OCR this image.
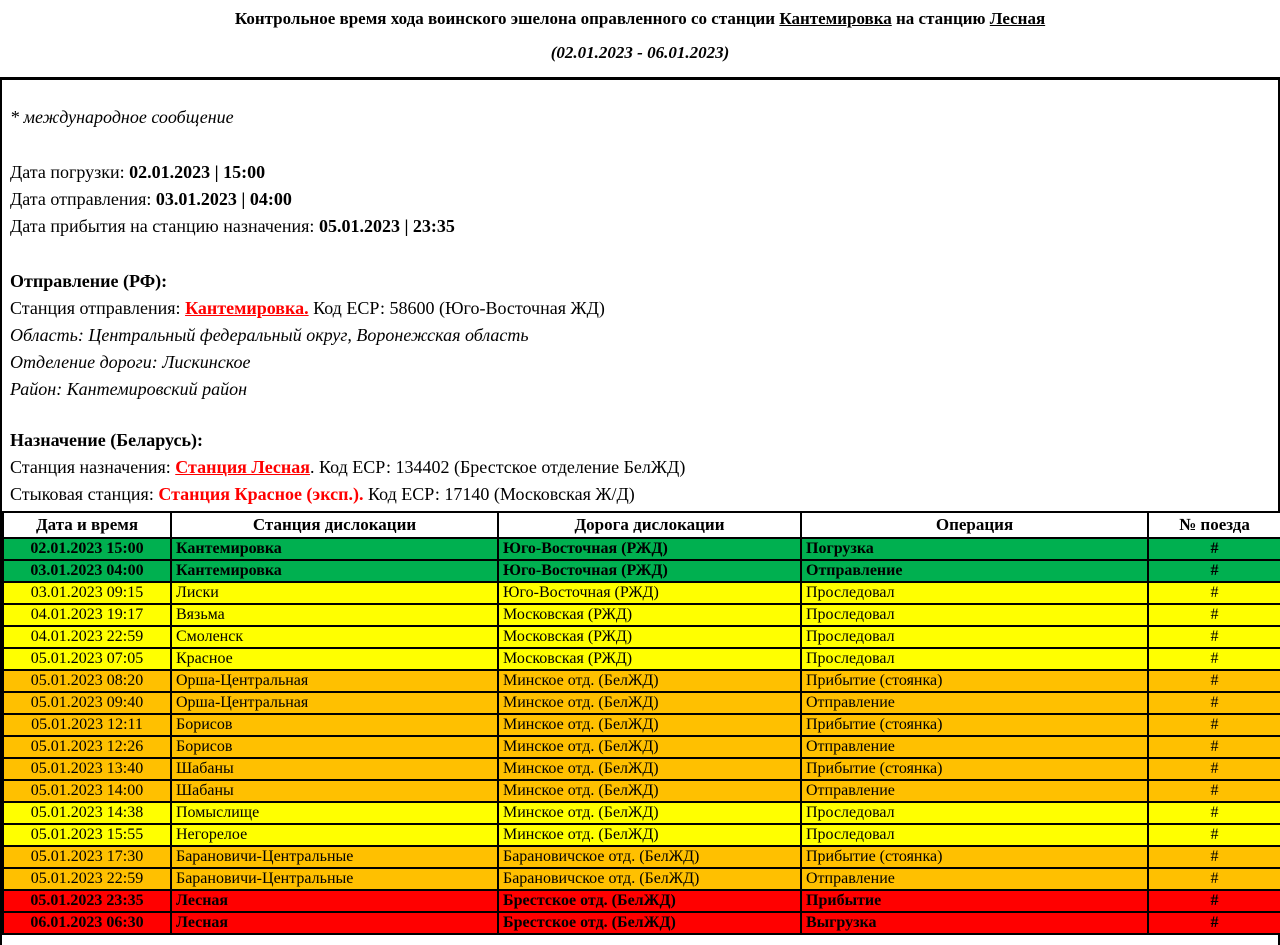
Контрольное время хода воинского эшелона оправленного со станции Кантемировка на станцию Лесная
(02.01.2023 - 06.01.2023)
* международное сообщение
Дата погрузки: 02.01.2023 | 15:00
Дата отправления: 03.01.2023 | 04:00
Дата прибытия на станцию назначения: 05.01.2023 | 23:35
Отправление (РФ):
Станция отправления: Кантемировка. Код ЕСР: 58600 (Юго-Восточная ЖД)
Область: Центральный федеральный округ, Воронежская область
Отделение дороги: Лискинское
Район: Кантемировский район
Назначение (Беларусь):
Станция назначения: Станция Лесная. Код ЕСР: 134402 (Брестское отделение БелЖД)
Стыковая станция: Станция Красное (эксп.). Код ЕСР: 17140 (Московская Ж/Д)
Дата и время	Станция дислокации	Дорога дислокации	Операция	№ поезда
02.01.2023 15:00	Кантемировка	Юго-Восточная (РЖД)	Погрузка	#
03.01.2023 04:00	Кантемировка	Юго-Восточная (РЖД)	Отправление	#
03.01.2023 09:15	Лиски	Юго-Восточная (РЖД)	Проследовал	#
04.01.2023 19:17	Вязьма	Московская (РЖД)	Проследовал	#
04.01.2023 22:59	Смоленск	Московская (РЖД)	Проследовал	#
05.01.2023 07:05	Красное	Московская (РЖД)	Проследовал	#
05.01.2023 08:20	Орша-Центральная	Минское отд. (БелЖД)	Прибытие (стоянка)	#
05.01.2023 09:40	Орша-Центральная	Минское отд. (БелЖД)	Отправление	#
05.01.2023 12:11	Борисов	Минское отд. (БелЖД)	Прибытие (стоянка)	#
05.01.2023 12:26	Борисов	Минское отд. (БелЖД)	Отправление	#
05.01.2023 13:40	Шабаны	Минское отд. (БелЖД)	Прибытие (стоянка)	#
05.01.2023 14:00	Шабаны	Минское отд. (БелЖД)	Отправление	#
05.01.2023 14:38	Помыслище	Минское отд. (БелЖД)	Проследовал	#
05.01.2023 15:55	Негорелое	Минское отд. (БелЖД)	Проследовал	#
05.01.2023 17:30	Барановичи-Центральные	Барановичское отд. (БелЖД)	Прибытие (стоянка)	#
05.01.2023 22:59	Барановичи-Центральные	Барановичское отд. (БелЖД)	Отправление	#
05.01.2023 23:35	Лесная	Брестское отд. (БелЖД)	Прибытие	#
06.01.2023 06:30	Лесная	Брестское отд. (БелЖД)	Выгрузка	#
